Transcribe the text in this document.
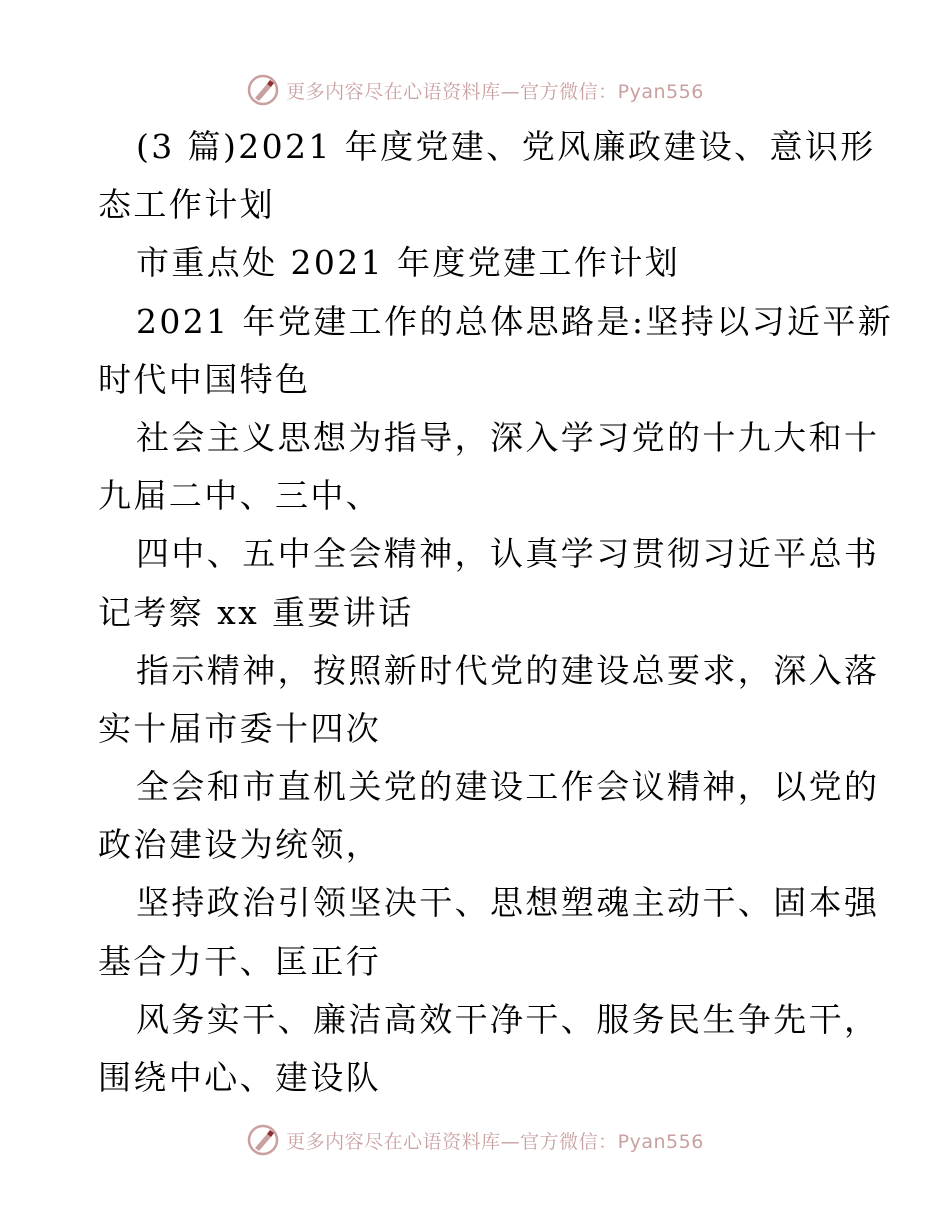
更多内容尽在心语资料库—官方微信：Pyan556
(3 篇)2021 年度党建、党风廉政建设、意识形
态工作计划
市重点处 2021 年度党建工作计划
2021 年党建工作的总体思路是:坚持以习近平新
时代中国特色
社会主义思想为指导，深入学习党的十九大和十
九届二中、三中、
四中、五中全会精神，认真学习贯彻习近平总书
记考察 xx 重要讲话
指示精神，按照新时代党的建设总要求，深入落
实十届市委十四次
全会和市直机关党的建设工作会议精神，以党的
政治建设为统领，
坚持政治引领坚决干、思想塑魂主动干、固本强
基合力干、匡正行
风务实干、廉洁高效干净干、服务民生争先干，
围绕中心、建设队
更多内容尽在心语资料库—官方微信：Pyan556
